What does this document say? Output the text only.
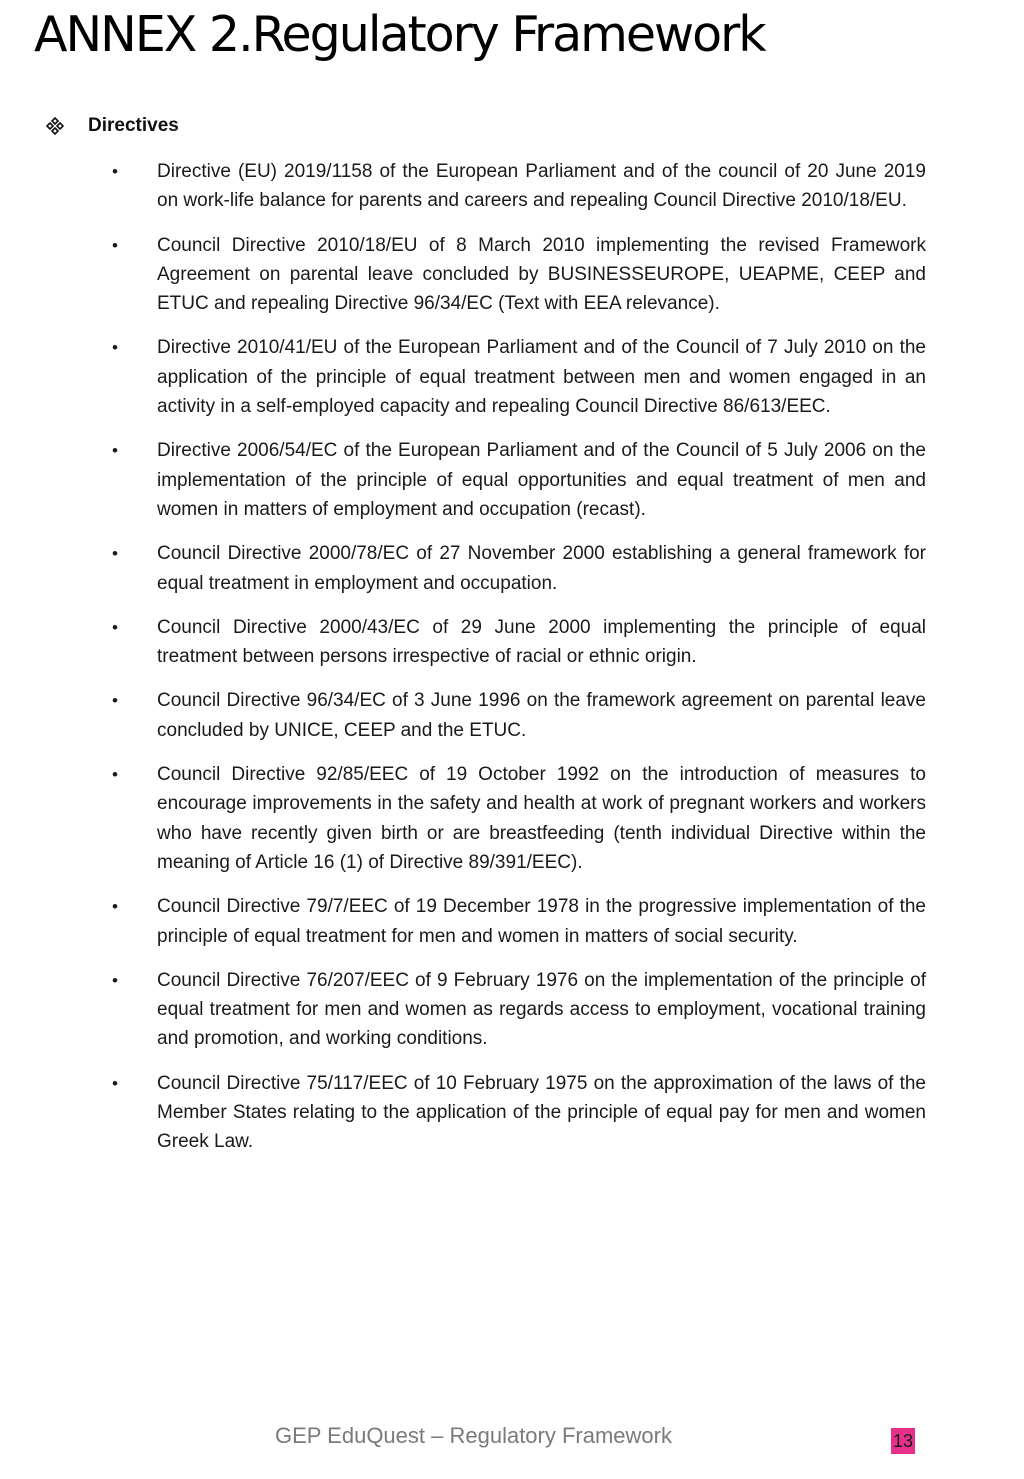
ANNEX 2.Regulatory Framework
Directives
• Directive (EU) 2019/1158 of the European Parliament and of the council of 20 June 2019 on work-life balance for parents and careers and repealing Council Directive 2010/18/EU.
• Council Directive 2010/18/EU of 8 March 2010 implementing the revised Framework Agreement on parental leave concluded by BUSINESSEUROPE, UEAPME, CEEP and ETUC and repealing Directive 96/34/EC (Text with EEA relevance).
• Directive 2010/41/EU of the European Parliament and of the Council of 7 July 2010 on the application of the principle of equal treatment between men and women engaged in an activity in a self-employed capacity and repealing Council Directive 86/613/EEC.
• Directive 2006/54/EC of the European Parliament and of the Council of 5 July 2006 on the implementation of the principle of equal opportunities and equal treatment of men and women in matters of employment and occupation (recast).
• Council Directive 2000/78/EC of 27 November 2000 establishing a general framework for equal treatment in employment and occupation.
• Council Directive 2000/43/EC of 29 June 2000 implementing the principle of equal treatment between persons irrespective of racial or ethnic origin.
• Council Directive 96/34/EC of 3 June 1996 on the framework agreement on parental leave concluded by UNICE, CEEP and the ETUC.
• Council Directive 92/85/EEC of 19 October 1992 on the introduction of measures to encourage improvements in the safety and health at work of pregnant workers and workers who have recently given birth or are breastfeeding (tenth individual Directive within the meaning of Article 16 (1) of Directive 89/391/EEC).
• Council Directive 79/7/EEC of 19 December 1978 in the progressive implementation of the principle of equal treatment for men and women in matters of social security.
• Council Directive 76/207/EEC of 9 February 1976 on the implementation of the principle of equal treatment for men and women as regards access to employment, vocational training and promotion, and working conditions.
• Council Directive 75/117/EEC of 10 February 1975 on the approximation of the laws of the Member States relating to the application of the principle of equal pay for men and women Greek Law.
GEP EduQuest – Regulatory Framework	13
